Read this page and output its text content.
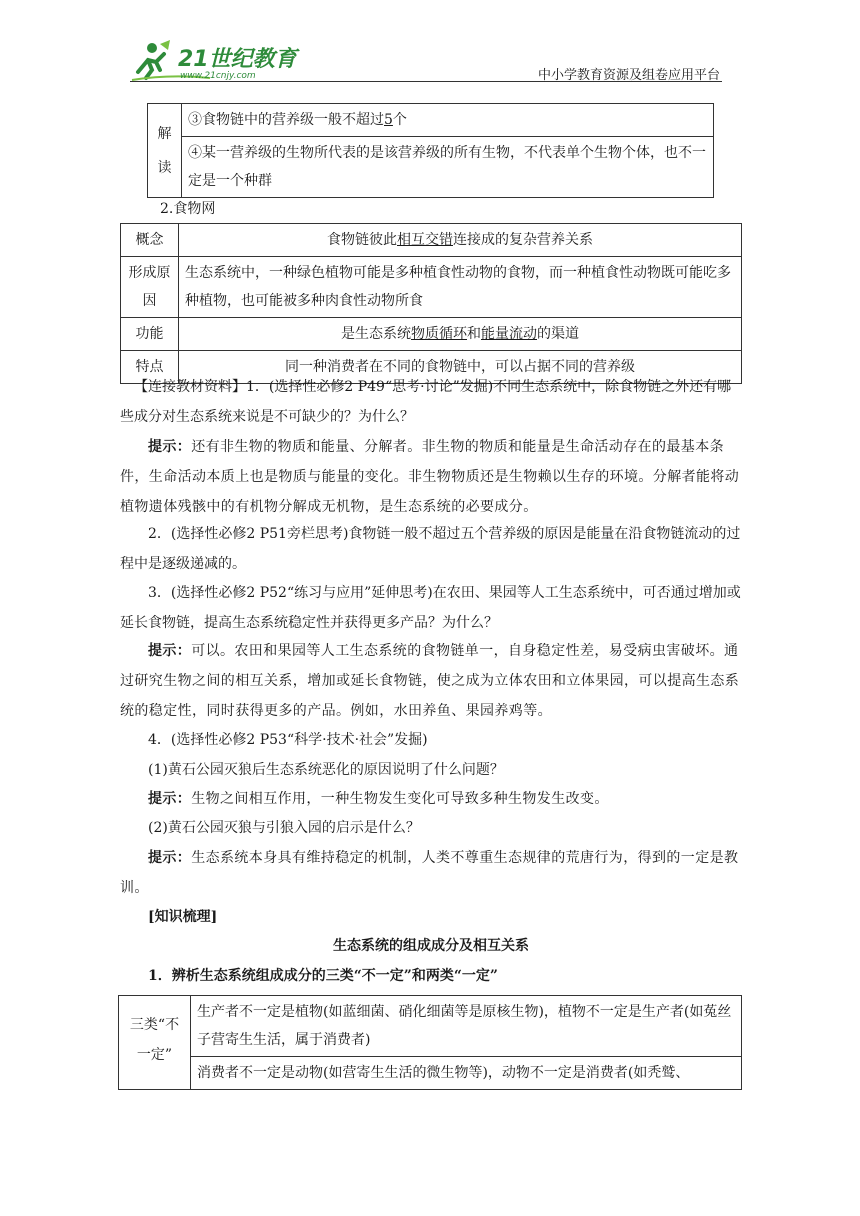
21世纪教育
www.21cnjy.com	中小学教育资源及组卷应用平台
解读	③食物链中的营养级一般不超过5个
④某一营养级的生物所代表的是该营养级的所有生物，不代表单个生物个体，也不一定是一个种群
2.食物网
概念	食物链彼此相互交错连接成的复杂营养关系
形成原因	生态系统中，一种绿色植物可能是多种植食性动物的食物，而一种植食性动物既可能吃多种植物，也可能被多种肉食性动物所食
功能	是生态系统物质循环和能量流动的渠道
特点	同一种消费者在不同的食物链中，可以占据不同的营养级
【连接教材资料】1．(选择性必修2 P49“思考·讨论”发掘)不同生态系统中，除食物链之外还有哪些成分对生态系统来说是不可缺少的？为什么？
提示：还有非生物的物质和能量、分解者。非生物的物质和能量是生命活动存在的最基本条件，生命活动本质上也是物质与能量的变化。非生物物质还是生物赖以生存的环境。分解者能将动植物遗体残骸中的有机物分解成无机物，是生态系统的必要成分。
2．(选择性必修2 P51旁栏思考)食物链一般不超过五个营养级的原因是能量在沿食物链流动的过程中是逐级递减的。
3．(选择性必修2 P52“练习与应用”延伸思考)在农田、果园等人工生态系统中，可否通过增加或延长食物链，提高生态系统稳定性并获得更多产品？为什么？
提示：可以。农田和果园等人工生态系统的食物链单一，自身稳定性差，易受病虫害破坏。通过研究生物之间的相互关系，增加或延长食物链，使之成为立体农田和立体果园，可以提高生态系统的稳定性，同时获得更多的产品。例如，水田养鱼、果园养鸡等。
4．(选择性必修2 P53“科学·技术·社会”发掘)
(1)黄石公园灭狼后生态系统恶化的原因说明了什么问题？
提示：生物之间相互作用，一种生物发生变化可导致多种生物发生改变。
(2)黄石公园灭狼与引狼入园的启示是什么？
提示：生态系统本身具有维持稳定的机制，人类不尊重生态规律的荒唐行为，得到的一定是教训。
[知识梳理]
生态系统的组成成分及相互关系
1．辨析生态系统组成成分的三类“不一定”和两类“一定”
三类“不一定”	生产者不一定是植物(如蓝细菌、硝化细菌等是原核生物)，植物不一定是生产者(如菟丝子营寄生生活，属于消费者)
消费者不一定是动物(如营寄生生活的微生物等)，动物不一定是消费者(如秃鹫、
